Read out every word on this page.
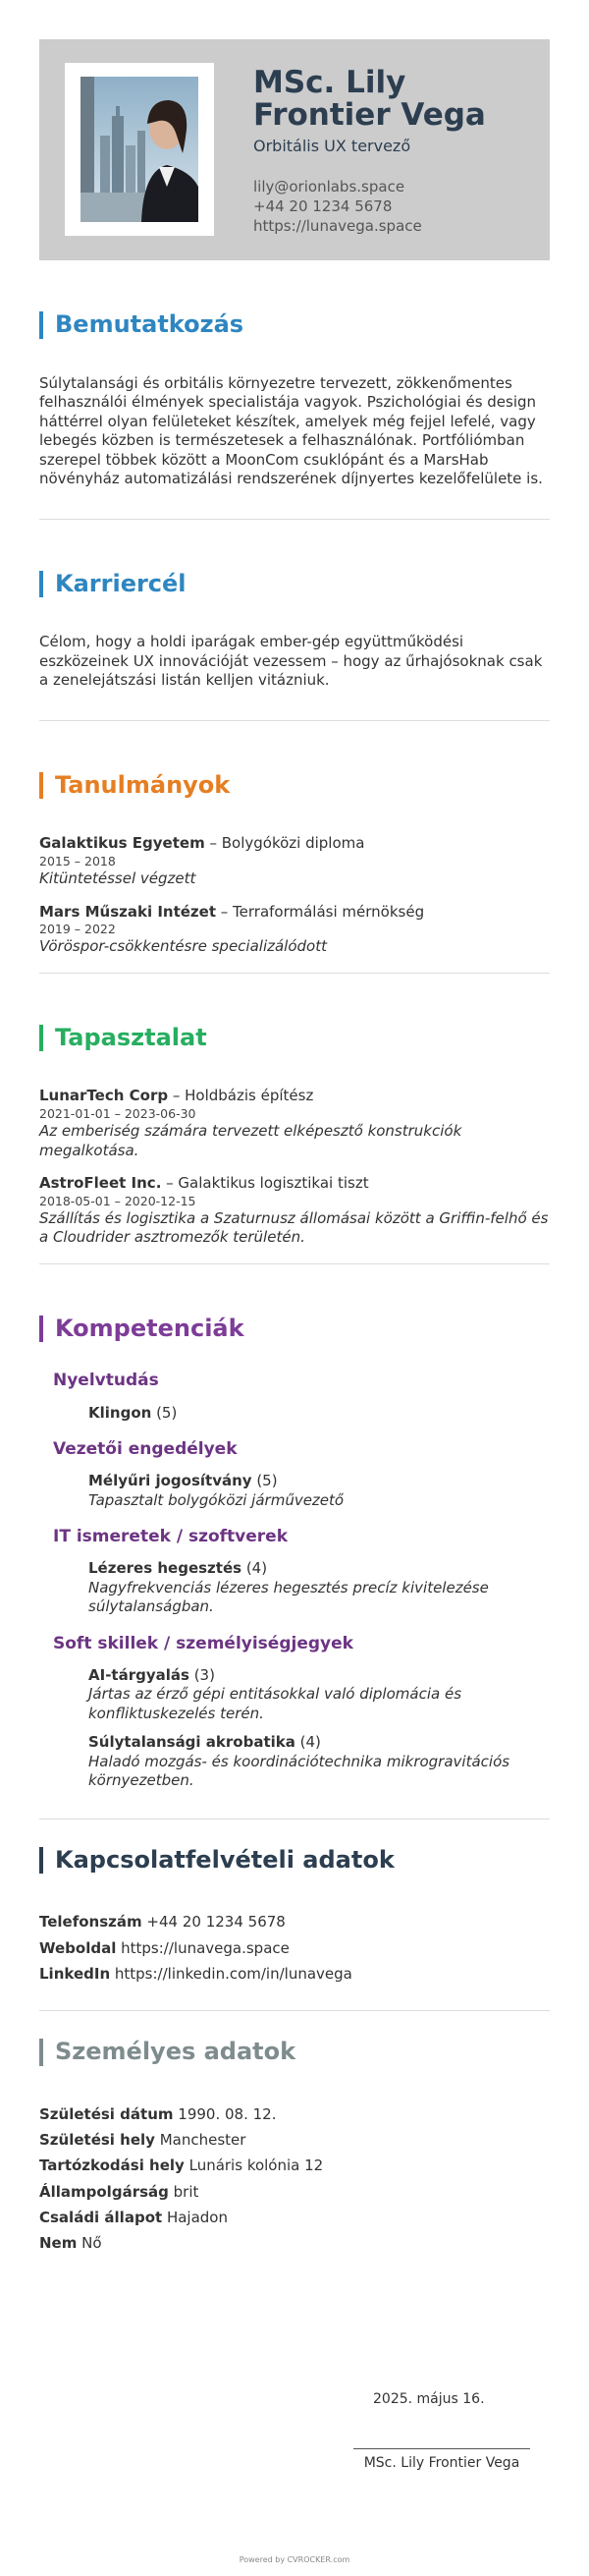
MSc. Lily Frontier Vega
Orbitális UX tervező
lily@orionlabs.space
+44 20 1234 5678
https://lunavega.space
Bemutatkozás
Súlytalansági és orbitális környezetre tervezett, zökkenőmentes felhasználói élmények specialistája vagyok. Pszichológiai és design háttérrel olyan felületeket készítek, amelyek még fejjel lefelé, vagy lebegés közben is természetesek a felhasználónak. Portfóliómban szerepel többek között a MoonCom csuklópánt és a MarsHab növényház automatizálási rendszerének díjnyertes kezelőfelülete is.
Karriercél
Célom, hogy a holdi iparágak ember-gép együttműködési eszközeinek UX innovációját vezessem – hogy az űrhajósoknak csak a zenelejátszási listán kelljen vitázniuk.
Tanulmányok
Galaktikus Egyetem – Bolygóközi diploma
2015 – 2018
Kitüntetéssel végzett
Mars Műszaki Intézet – Terraformálási mérnökség
2019 – 2022
Vöröspor-csökkentésre specializálódott
Tapasztalat
LunarTech Corp – Holdbázis építész
2021-01-01 – 2023-06-30
Az emberiség számára tervezett elképesztő konstrukciók megalkotása.
AstroFleet Inc. – Galaktikus logisztikai tiszt
2018-05-01 – 2020-12-15
Szállítás és logisztika a Szaturnusz állomásai között a Griffin-felhő és a Cloudrider asztromezők területén.
Kompetenciák
Nyelvtudás
Klingon (5)
Vezetői engedélyek
Mélyűri jogosítvány (5)
Tapasztalt bolygóközi járművezető
IT ismeretek / szoftverek
Lézeres hegesztés (4)
Nagyfrekvenciás lézeres hegesztés precíz kivitelezése súlytalanságban.
Soft skillek / személyiségjegyek
AI-tárgyalás (3)
Jártas az érző gépi entitásokkal való diplomácia és konfliktuskezelés terén.
Súlytalansági akrobatika (4)
Haladó mozgás- és koordinációtechnika mikrogravitációs környezetben.
Kapcsolatfelvételi adatok
Telefonszám +44 20 1234 5678
Weboldal https://lunavega.space
LinkedIn https://linkedin.com/in/lunavega
Személyes adatok
Születési dátum 1990. 08. 12.
Születési hely Manchester
Tartózkodási hely Lunáris kolónia 12
Állampolgárság brit
Családi állapot Hajadon
Nem Nő
2025. május 16.
MSc. Lily Frontier Vega
Powered by CVROCKER.com
